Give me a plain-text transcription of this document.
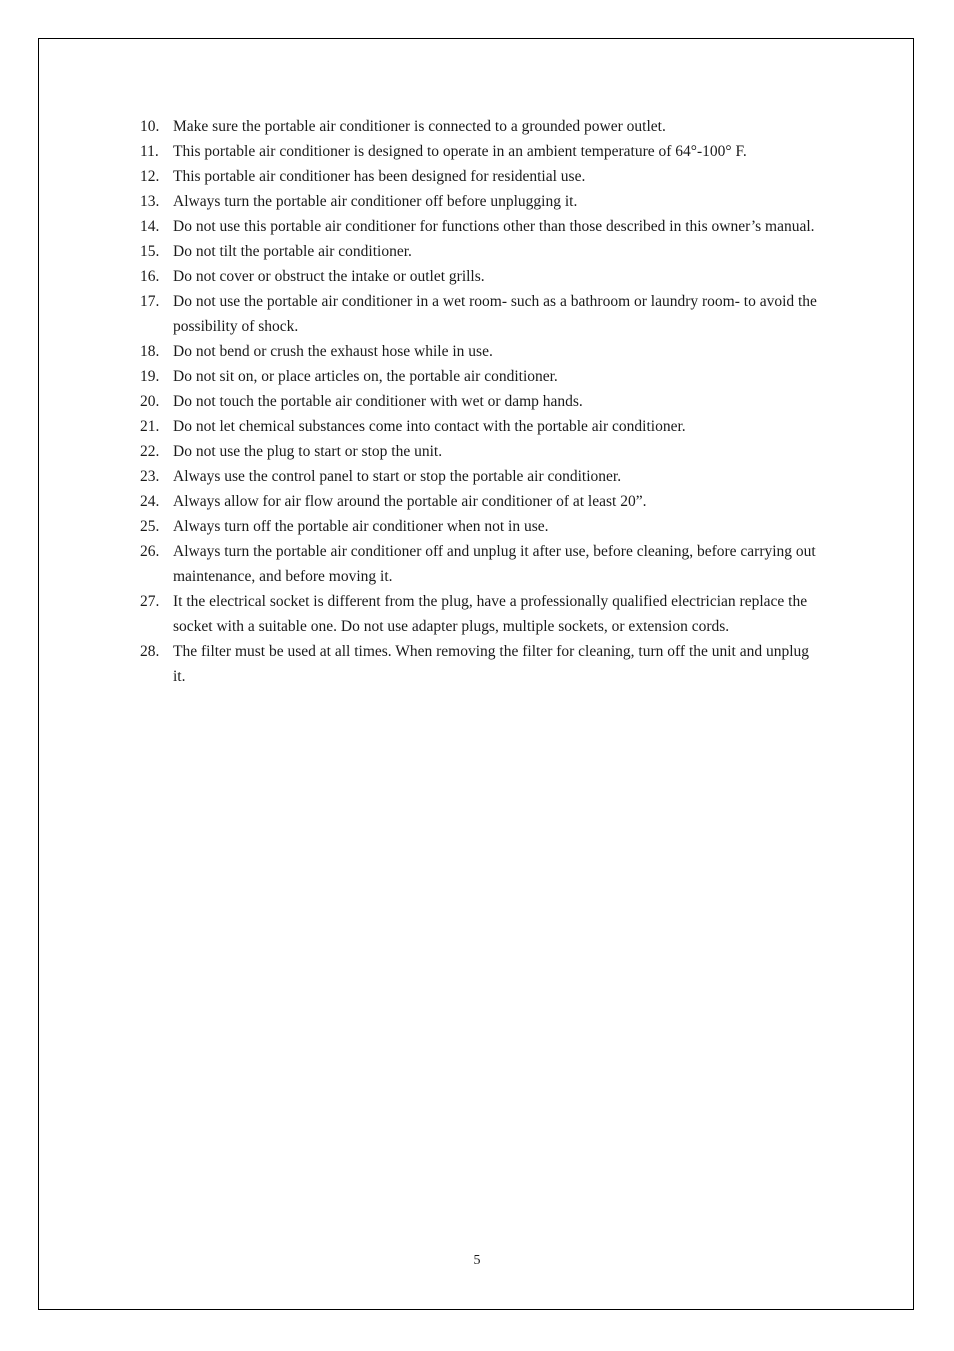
10. Make sure the portable air conditioner is connected to a grounded power outlet.
11. This portable air conditioner is designed to operate in an ambient temperature of 64°-100° F.
12. This portable air conditioner has been designed for residential use.
13. Always turn the portable air conditioner off before unplugging it.
14. Do not use this portable air conditioner for functions other than those described in this owner’s manual.
15. Do not tilt the portable air conditioner.
16. Do not cover or obstruct the intake or outlet grills.
17. Do not use the portable air conditioner in a wet room- such as a bathroom or laundry room- to avoid the possibility of shock.
18. Do not bend or crush the exhaust hose while in use.
19. Do not sit on, or place articles on, the portable air conditioner.
20. Do not touch the portable air conditioner with wet or damp hands.
21. Do not let chemical substances come into contact with the portable air conditioner.
22. Do not use the plug to start or stop the unit.
23. Always use the control panel to start or stop the portable air conditioner.
24. Always allow for air flow around the portable air conditioner of at least 20”.
25. Always turn off the portable air conditioner when not in use.
26. Always turn the portable air conditioner off and unplug it after use, before cleaning, before carrying out maintenance, and before moving it.
27. It the electrical socket is different from the plug, have a professionally qualified electrician replace the socket with a suitable one. Do not use adapter plugs, multiple sockets, or extension cords.
28. The filter must be used at all times. When removing the filter for cleaning, turn off the unit and unplug it.
5
